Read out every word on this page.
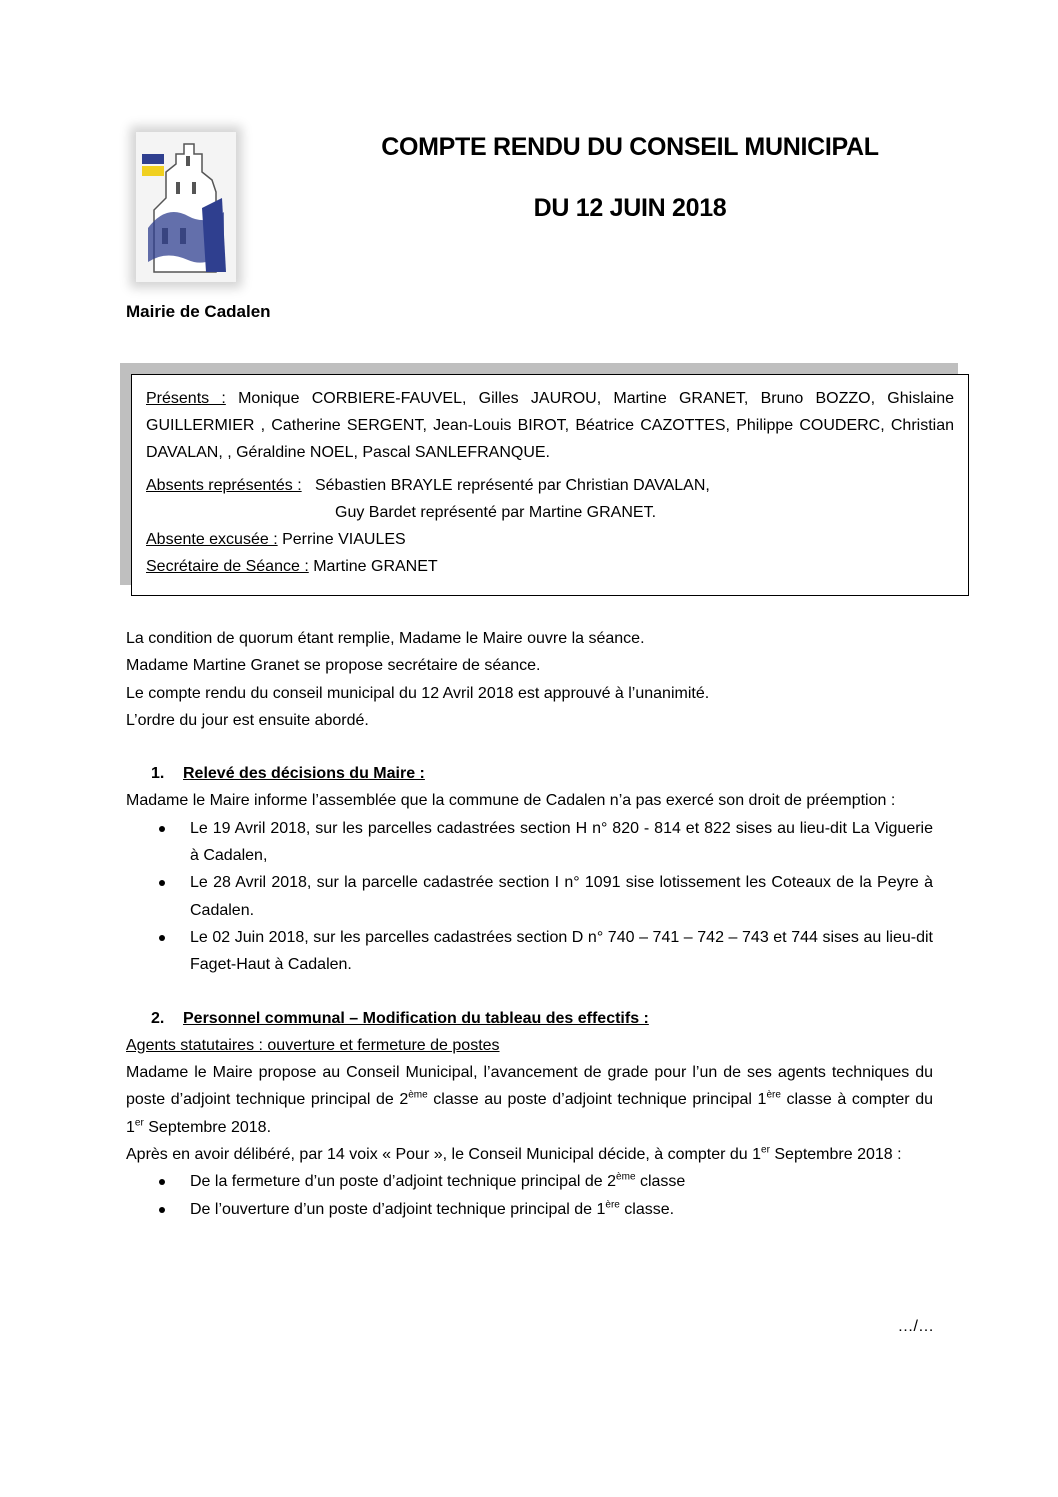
COMPTE RENDU DU CONSEIL MUNICIPAL
DU 12 JUIN 2018
Mairie de Cadalen

Présents : Monique CORBIERE-FAUVEL, Gilles JAUROU, Martine GRANET, Bruno BOZZO, Ghislaine GUILLERMIER , Catherine SERGENT, Jean-Louis BIROT, Béatrice CAZOTTES, Philippe COUDERC, Christian DAVALAN, , Géraldine NOEL, Pascal SANLEFRANQUE.

Absents représentés :   Sébastien BRAYLE représenté par Christian DAVALAN,

Guy Bardet représenté par Martine GRANET.

Absente excusée : Perrine VIAULES

Secrétaire de Séance : Martine GRANET

La condition de quorum étant remplie, Madame le Maire ouvre la séance.

Madame Martine Granet se propose secrétaire de séance.

Le compte rendu du conseil municipal du 12 Avril 2018 est approuvé à l’unanimité.

L’ordre du jour est ensuite abordé.

1. Relevé des décisions du Maire :

Madame le Maire informe l’assemblée que la commune de Cadalen n’a pas exercé son droit de préemption :

Le 19 Avril 2018, sur les parcelles cadastrées section H n° 820 - 814 et 822 sises au lieu-dit La Viguerie à Cadalen,
Le 28 Avril 2018, sur la parcelle cadastrée section I n° 1091 sise lotissement les Coteaux de la Peyre à Cadalen.
Le 02 Juin 2018, sur les parcelles cadastrées section D n° 740 – 741 – 742 – 743 et 744 sises au lieu-dit Faget-Haut à Cadalen.

2. Personnel communal – Modification du tableau des effectifs :

Agents statutaires : ouverture et fermeture de postes

Madame le Maire propose au Conseil Municipal, l’avancement de grade pour l’un de ses agents techniques du poste d’adjoint technique principal de 2ème classe au poste d’adjoint technique principal 1ère classe à compter du 1er Septembre 2018.

Après en avoir délibéré, par 14 voix « Pour », le Conseil Municipal décide, à compter du 1er Septembre 2018 :

De la fermeture d’un poste d’adjoint technique principal de 2ème classe
De l’ouverture d’un poste d’adjoint technique principal de 1ère classe.
…/…
